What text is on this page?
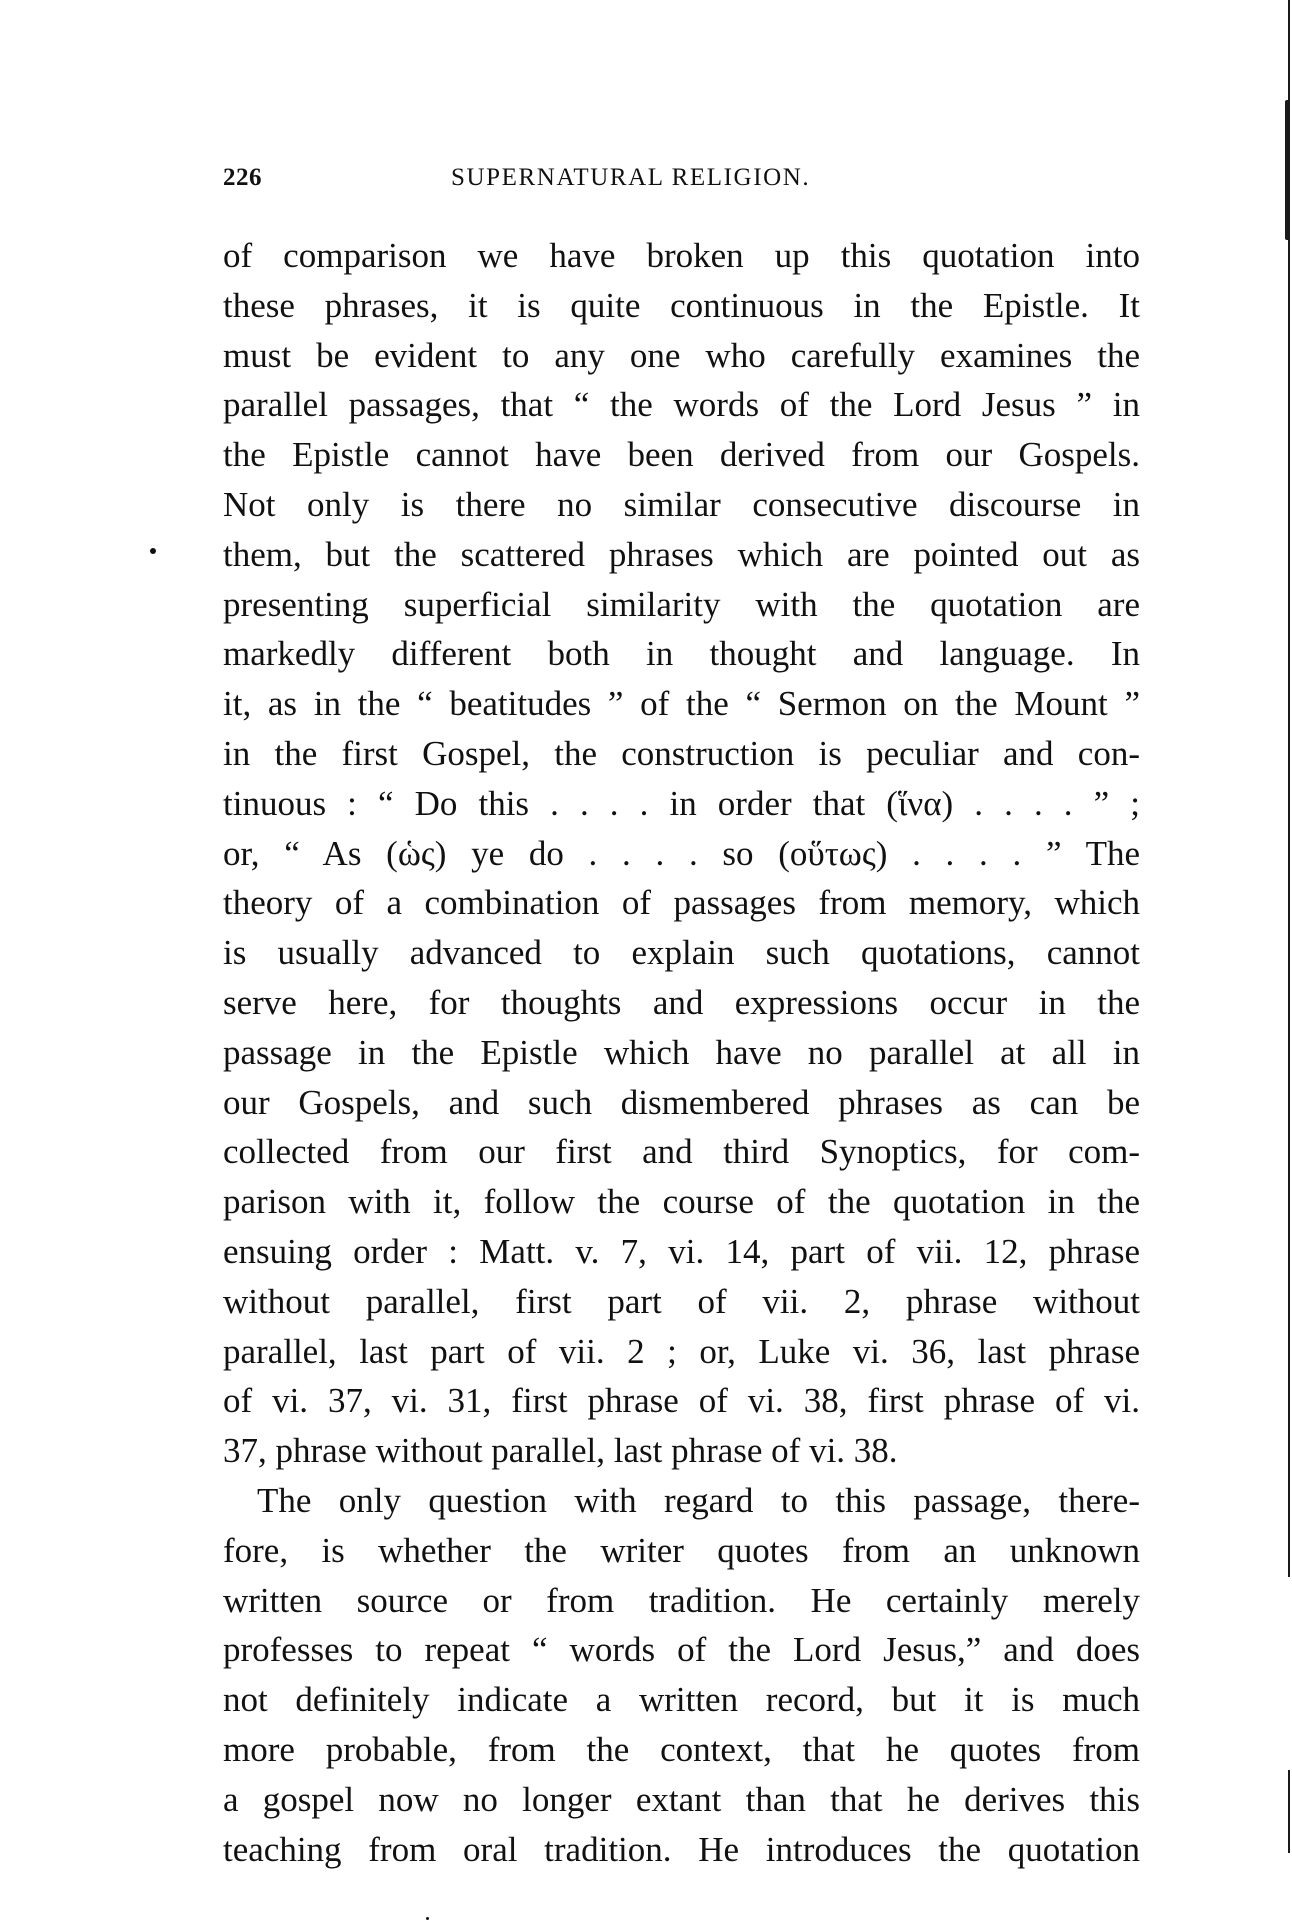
226	SUPERNATURAL RELIGION.
of comparison we have broken up this quotation into
these phrases, it is quite continuous in the Epistle. It
must be evident to any one who carefully examines the
parallel passages, that “ the words of the Lord Jesus ” in
the Epistle cannot have been derived from our Gospels.
Not only is there no similar consecutive discourse in
them, but the scattered phrases which are pointed out as
presenting superficial similarity with the quotation are
markedly different both in thought and language. In
it, as in the “ beatitudes ” of the “ Sermon on the Mount ”
in the first Gospel, the construction is peculiar and con-
tinuous : “ Do this . . . . in order that (ἵνα) . . . . ” ;
or, “ As (ὡς) ye do . . . . so (οὕτως) . . . . ” The
theory of a combination of passages from memory, which
is usually advanced to explain such quotations, cannot
serve here, for thoughts and expressions occur in the
passage in the Epistle which have no parallel at all in
our Gospels, and such dismembered phrases as can be
collected from our first and third Synoptics, for com-
parison with it, follow the course of the quotation in the
ensuing order : Matt. v. 7, vi. 14, part of vii. 12, phrase
without parallel, first part of vii. 2, phrase without
parallel, last part of vii. 2 ; or, Luke vi. 36, last phrase
of vi. 37, vi. 31, first phrase of vi. 38, first phrase of vi.
37, phrase without parallel, last phrase of vi. 38.
The only question with regard to this passage, there-
fore, is whether the writer quotes from an unknown
written source or from tradition. He certainly merely
professes to repeat “ words of the Lord Jesus,” and does
not definitely indicate a written record, but it is much
more probable, from the context, that he quotes from
a gospel now no longer extant than that he derives this
teaching from oral tradition. He introduces the quotation
